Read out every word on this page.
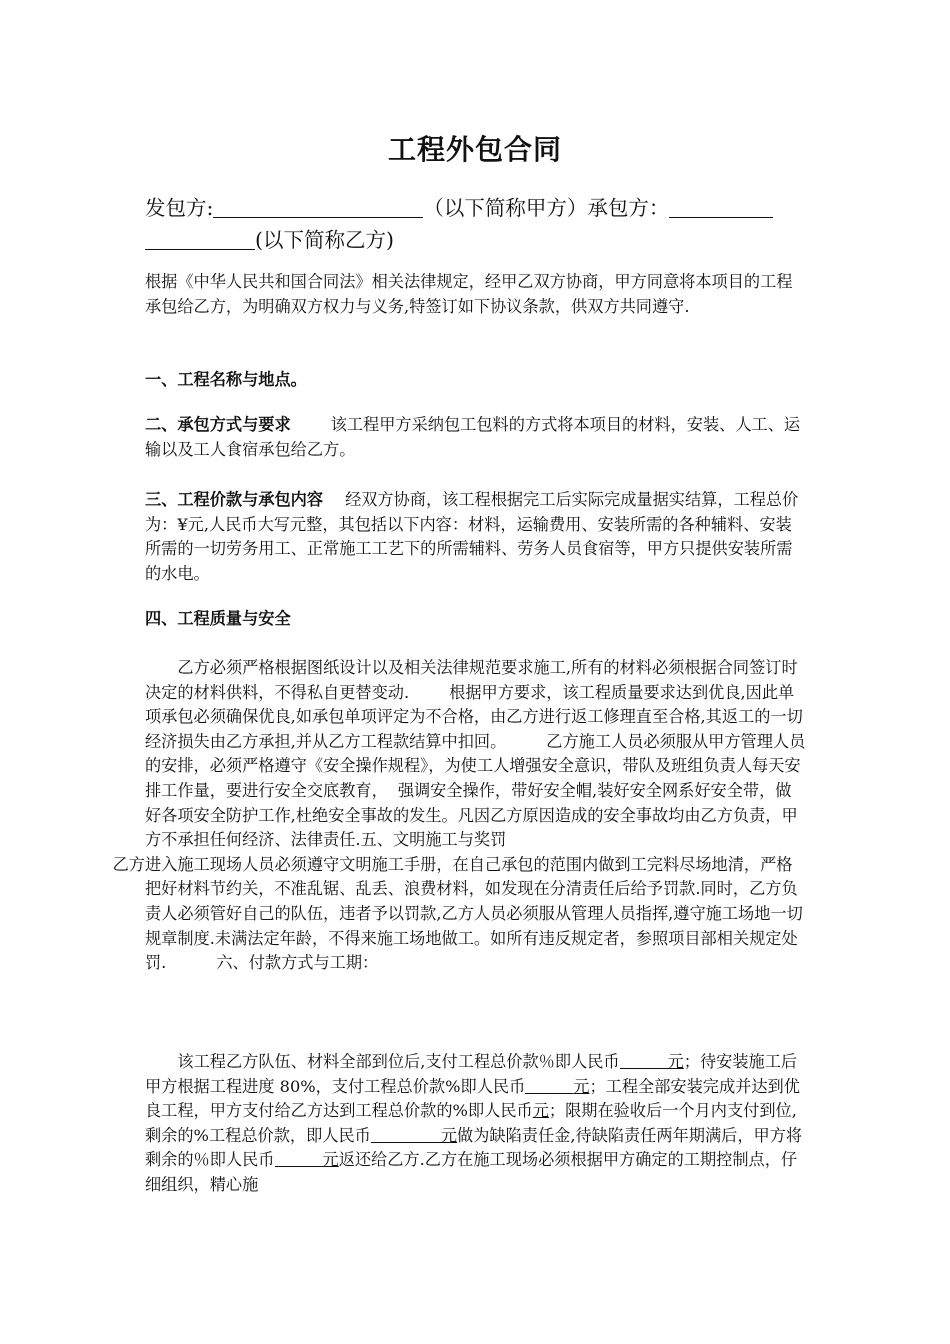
工程外包合同
发包方:	（以下简称甲方）承包方：
(以下简称乙方)
根据《中华人民共和国合同法》相关法律规定，经甲乙双方协商，甲方同意将本项目的工程承包给乙方，为明确双方权力与义务,特签订如下协议条款，供双方共同遵守.
一、工程名称与地点。
二、承包方式与要求 该工程甲方采纳包工包料的方式将本项目的材料，安装、人工、运输以及工人食宿承包给乙方。
三、工程价款与承包内容 经双方协商，该工程根据完工后实际完成量据实结算，工程总价为：¥元,人民币大写元整，其包括以下内容：材料，运输费用、安装所需的各种辅料、安装所需的一切劳务用工、正常施工工艺下的所需辅料、劳务人员食宿等，甲方只提供安装所需的水电。
四、工程质量与安全
乙方必须严格根据图纸设计以及相关法律规范要求施工,所有的材料必须根据合同签订时决定的材料供料，不得私自更替变动. 根据甲方要求，该工程质量要求达到优良,因此单项承包必须确保优良,如承包单项评定为不合格，由乙方进行返工修理直至合格,其返工的一切经济损失由乙方承担,并从乙方工程款结算中扣回。 乙方施工人员必须服从甲方管理人员的安排，必须严格遵守《安全操作规程》，为使工人增强安全意识，带队及班组负责人每天安排工作量，要进行安全交底教育， 强调安全操作，带好安全帽,装好安全网系好安全带，做好各项安全防护工作,杜绝安全事故的发生。凡因乙方原因造成的安全事故均由乙方负责，甲方不承担任何经济、法律责任.五、文明施工与奖罚
乙方进入施工现场人员必须遵守文明施工手册，在自己承包的范围内做到工完料尽场地清，严格把好材料节约关，不准乱锯、乱丢、浪费材料，如发现在分清责任后给予罚款.同时，乙方负责人必须管好自己的队伍，违者予以罚款,乙方人员必须服从管理人员指挥,遵守施工场地一切规章制度.未满法定年龄，不得来施工场地做工。如所有违反规定者，参照项目部相关规定处罚.	六、付款方式与工期：
该工程乙方队伍、材料全部到位后,支付工程总价款％即人民币	元；待安装施工后甲方根据工程进度 80%，支付工程总价款%即人民币	元；工程全部安装完成并达到优良工程，甲方支付给乙方达到工程总价款的%即人民币元；限期在验收后一个月内支付到位,剩余的%工程总价款，即人民币	元做为缺陷责任金,待缺陷责任两年期满后，甲方将剩余的％即人民币	元返还给乙方.乙方在施工现场必须根据甲方确定的工期控制点，仔细组织，精心施
